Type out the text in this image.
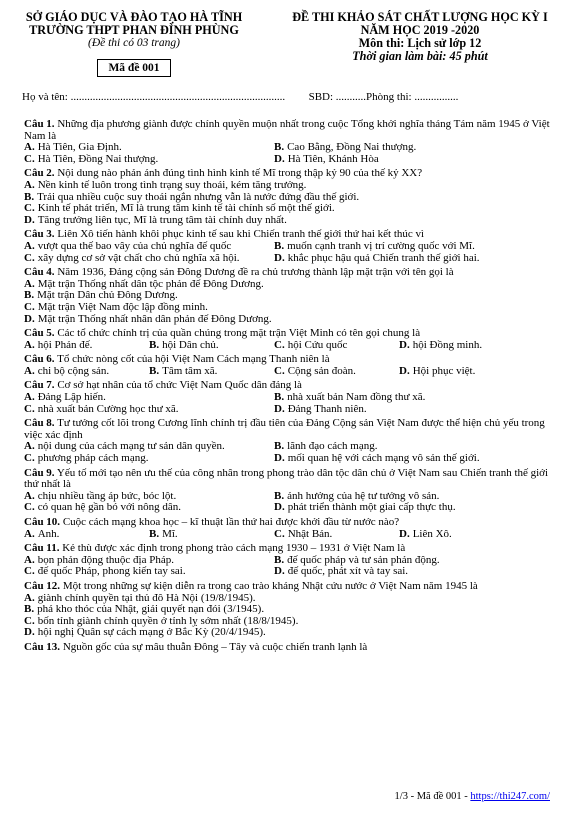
SỞ GIÁO DỤC VÀ ĐÀO TẠO HÀ TĨNH
TRƯỜNG THPT PHAN ĐÌNH PHÙNG
(Đề thi có 03 trang)
Mã đề 001
ĐỀ THI KHẢO SÁT CHẤT LƯỢNG HỌC KỲ I
NĂM HỌC 2019 -2020
Môn thi: Lịch sử lớp 12
Thời gian làm bài: 45 phút
Họ và tên: .............................................................................. SBD: ...........Phòng thi: ................
Câu 1. Những địa phương giành được chính quyền muộn nhất trong cuộc Tổng khởi nghĩa tháng Tám năm 1945 ở Việt Nam là
A. Hà Tiên, Gia Định.	B. Cao Bằng, Đồng Nai thượng.
C. Hà Tiên, Đồng Nai thượng.	D. Hà Tiên, Khánh Hòa
Câu 2. Nội dung nào phản ánh đúng tình hình kinh tế Mĩ trong thập kỷ 90 của thế kỷ XX?
A. Nền kinh tế luôn trong tình trạng suy thoái, kém tăng trưởng.
B. Trải qua nhiều cuộc suy thoái ngắn nhưng vẫn là nước đứng đầu thế giới.
C. Kinh tế phát triển, Mĩ là trung tâm kinh tế tài chính số một thế giới.
D. Tăng trưởng liên tục, Mĩ là trung tâm tài chính duy nhất.
Câu 3. Liên Xô tiến hành khôi phục kinh tế sau khi Chiến tranh thế giới thứ hai kết thúc vì
A. vượt qua thế bao vây của chủ nghĩa đế quốc	B. muốn cạnh tranh vị trí cường quốc với Mĩ.
C. xây dựng cơ sở vật chất cho chủ nghĩa xã hội.	D. khắc phục hậu quả Chiến tranh thế giới hai.
Câu 4. Năm 1936, Đảng cộng sản Đông Dương đề ra chủ trương thành lập mặt trận với tên gọi là
A. Mặt trận Thống nhất dân tộc phản đế Đông Dương.
B. Mặt trận Dân chủ Đông Dương.
C. Mặt trận Việt Nam độc lập đồng minh.
D. Mặt trận Thống nhất nhân dân phản đế Đông Dương.
Câu 5. Các tổ chức chính trị của quần chúng trong mặt trận Việt Minh có tên gọi chung là
A. hội Phản đế.	B. hội Dân chủ.	C. hội Cứu quốc	D. hội Đồng minh.
Câu 6. Tổ chức nòng cốt của hội Việt Nam Cách mạng Thanh niên là
A. chi bộ cộng sản.	B. Tâm tâm xã.	C. Cộng sản đoàn.	D. Hội phục việt.
Câu 7. Cơ sở hạt nhân của tổ chức Việt Nam Quốc dân đảng là
A. Đảng Lập hiến.	B. nhà xuất bản Nam đồng thư xã.
C. nhà xuất bản Cường học thư xã.	D. Đảng Thanh niên.
Câu 8. Tư tưởng cốt lõi trong Cương lĩnh chính trị đầu tiên của Đảng Cộng sản Việt Nam được thể hiện chủ yếu trong việc xác định
A. nội dung của cách mạng tư sản dân quyền.	B. lãnh đạo cách mạng.
C. phương pháp cách mạng.	D. mối quan hệ với cách mạng vô sản thế giới.
Câu 9. Yếu tố mới tạo nên ưu thế của công nhân trong phong trào dân tộc dân chủ ở Việt Nam sau Chiến tranh thế giới thứ nhất là
A. chịu nhiều tầng áp bức, bóc lột.	B. ảnh hưởng của hệ tư tưởng vô sản.
C. có quan hệ gần bó với nông dân.	D. phát triển thành một giai cấp thực thụ.
Câu 10. Cuộc cách mạng khoa học – kĩ thuật lần thứ hai được khởi đầu từ nước nào?
A. Anh.	B. Mĩ.	C. Nhật Bản.	D. Liên Xô.
Câu 11. Kẻ thù được xác định trong phong trào cách mạng 1930 – 1931 ở Việt Nam là
A. bọn phản động thuộc địa Pháp.	B. đế quốc pháp và tư sản phản động.
C. đế quốc Pháp, phong kiến tay sai.	D. đế quốc, phát xít và tay sai.
Câu 12. Một trong những sự kiện diễn ra trong cao trào kháng Nhật cứu nước ở Việt Nam năm 1945 là
A. giành chính quyền tại thủ đô Hà Nội (19/8/1945).
B. phá kho thóc của Nhật, giải quyết nạn đói (3/1945).
C. bốn tỉnh giành chính quyền ở tỉnh lỵ sớm nhất (18/8/1945).
D. hội nghị Quân sự cách mạng ở Bắc Kỳ (20/4/1945).
Câu 13. Nguồn gốc của sự mâu thuẫn Đông – Tây và cuộc chiến tranh lạnh là
1/3 - Mã đề 001 - https://thi247.com/
